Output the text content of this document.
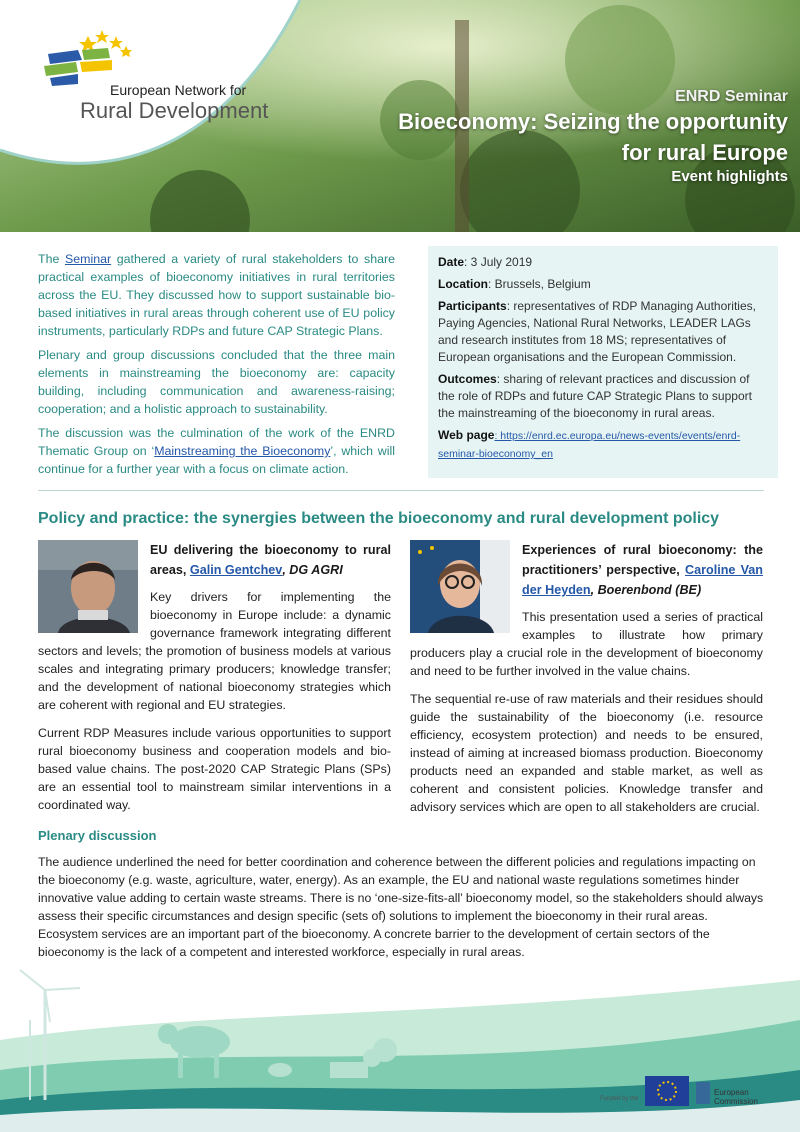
European Network for
Rural Development
ENRD Seminar
Bioeconomy: Seizing the opportunity
for rural Europe
Event highlights

The Seminar gathered a variety of rural stakeholders to share practical examples of bioeconomy initiatives in rural territories across the EU. They discussed how to support sustainable bio-based initiatives in rural areas through coherent use of EU policy instruments, particularly RDPs and future CAP Strategic Plans.

Plenary and group discussions concluded that the three main elements in mainstreaming the bioeconomy are: capacity building, including communication and awareness-raising; cooperation; and a holistic approach to sustainability.

The discussion was the culmination of the work of the ENRD Thematic Group on ‘Mainstreaming the Bioeconomy’, which will continue for a further year with a focus on climate action.

Date: 3 July 2019

Location: Brussels, Belgium

Participants: representatives of RDP Managing Authorities, Paying Agencies, National Rural Networks, LEADER LAGs and research institutes from 18 MS; representatives of European organisations and the European Commission.

Outcomes: sharing of relevant practices and discussion of the role of RDPs and future CAP Strategic Plans to support the mainstreaming of the bioeconomy in rural areas.

Web page: https://enrd.ec.europa.eu/news-events/events/enrd-seminar-bioeconomy_en

Policy and practice: the synergies between the bioeconomy and rural development policy
EU delivering the bioeconomy to rural areas, Galin Gentchev, DG AGRI

Key drivers for implementing the bioeconomy in Europe include: a dynamic governance framework integrating different sectors and levels; the promotion of business models at various scales and integrating primary producers; knowledge transfer; and the development of national bioeconomy strategies which are coherent with regional and EU strategies.

Current RDP Measures include various opportunities to support rural bioeconomy business and cooperation models and bio-based value chains. The post-2020 CAP Strategic Plans (SPs) are an essential tool to mainstream similar interventions in a coordinated way.

Experiences of rural bioeconomy: the practitioners’ perspective, Caroline Van der Heyden, Boerenbond (BE)

This presentation used a series of practical examples to illustrate how primary producers play a crucial role in the development of bioeconomy and need to be further involved in the value chains.

The sequential re-use of raw materials and their residues should guide the sustainability of the bioeconomy (i.e. resource efficiency, ecosystem protection) and needs to be ensured, instead of aiming at increased biomass production. Bioeconomy products need an expanded and stable market, as well as coherent and consistent policies. Knowledge transfer and advisory services which are open to all stakeholders are crucial.

Plenary discussion
The audience underlined the need for better coordination and coherence between the different policies and regulations impacting on the bioeconomy (e.g. waste, agriculture, water, energy). As an example, the EU and national waste regulations sometimes hinder innovative value adding to certain waste streams. There is no ‘one-size-fits-all’ bioeconomy model, so the stakeholders should always assess their specific circumstances and design specific (sets of) solutions to implement the bioeconomy in their rural areas. Ecosystem services are an important part of the bioeconomy. A concrete barrier to the development of certain sectors of the bioeconomy is the lack of a competent and interested workforce, especially in rural areas.
Funded by the
European
Commission
